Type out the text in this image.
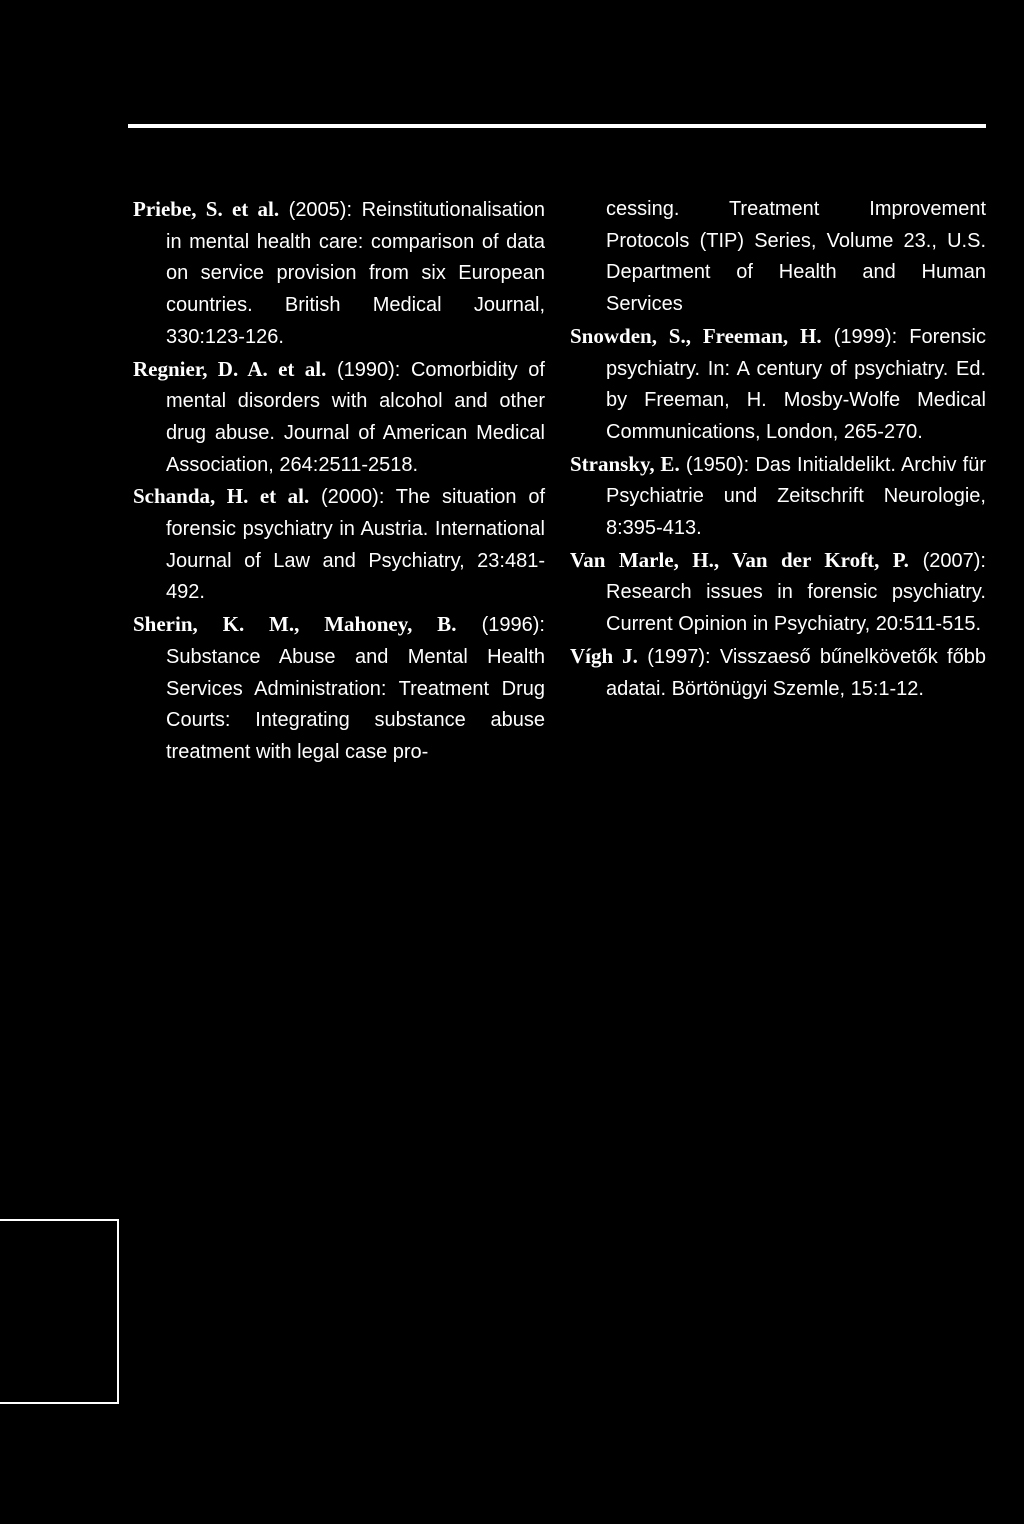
Priebe, S. et al. (2005): Reinstitutionalisation in mental health care: comparison of data on service provision from six European countries. British Medical Journal, 330:123-126.

Regnier, D. A. et al. (1990): Comorbidity of mental disorders with alcohol and other drug abuse. Journal of American Medical Association, 264:2511-2518.

Schanda, H. et al. (2000): The situation of forensic psychiatry in Austria. International Journal of Law and Psychiatry, 23:481-492.

Sherin, K. M., Mahoney, B. (1996): Substance Abuse and Mental Health Services Administration: Treatment Drug Courts: Integrating substance abuse treatment with legal case pro-

cessing. Treatment Improvement Protocols (TIP) Series, Volume 23., U.S. Department of Health and Human Services

Snowden, S., Freeman, H. (1999): Forensic psychiatry. In: A century of psychiatry. Ed. by Freeman, H. Mosby-Wolfe Medical Communications, London, 265-270.

Stransky, E. (1950): Das Initialdelikt. Archiv für Psychiatrie und Zeitschrift Neurologie, 8:395-413.

Van Marle, H., Van der Kroft, P. (2007): Research issues in forensic psychiatry. Current Opinion in Psychiatry, 20:511-515.

Vígh J. (1997): Visszaeső bűnelkövetők főbb adatai. Börtönügyi Szemle, 15:1-12.
